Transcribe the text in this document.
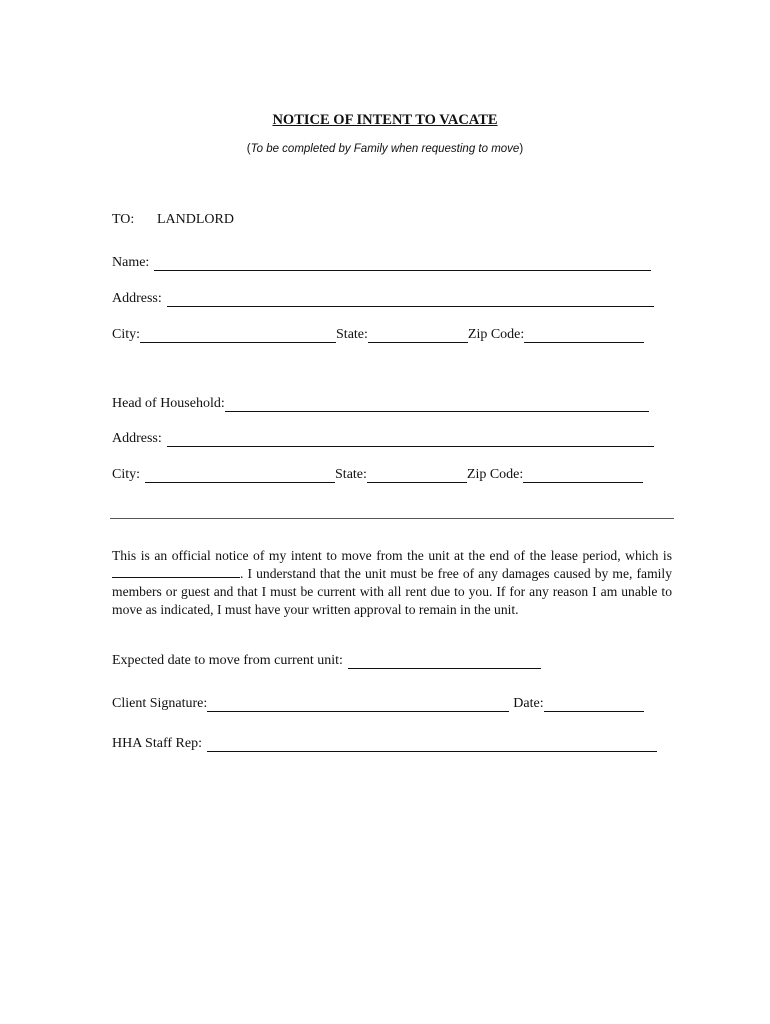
NOTICE OF INTENT TO VACATE
(To be completed by Family when requesting to move)
TO:	LANDLORD
Name:
Address:
City:	State:	Zip Code:
Head of Household:
Address:
City:	State:	Zip Code:
This is an official notice of my intent to move from the unit at the end of the lease period, which is . I understand that the unit must be free of any damages caused by me, family members or guest and that I must be current with all rent due to you. If for any reason I am unable to move as indicated, I must have your written approval to remain in the unit.
Expected date to move from current unit:
Client Signature:	Date:
HHA Staff Rep:
